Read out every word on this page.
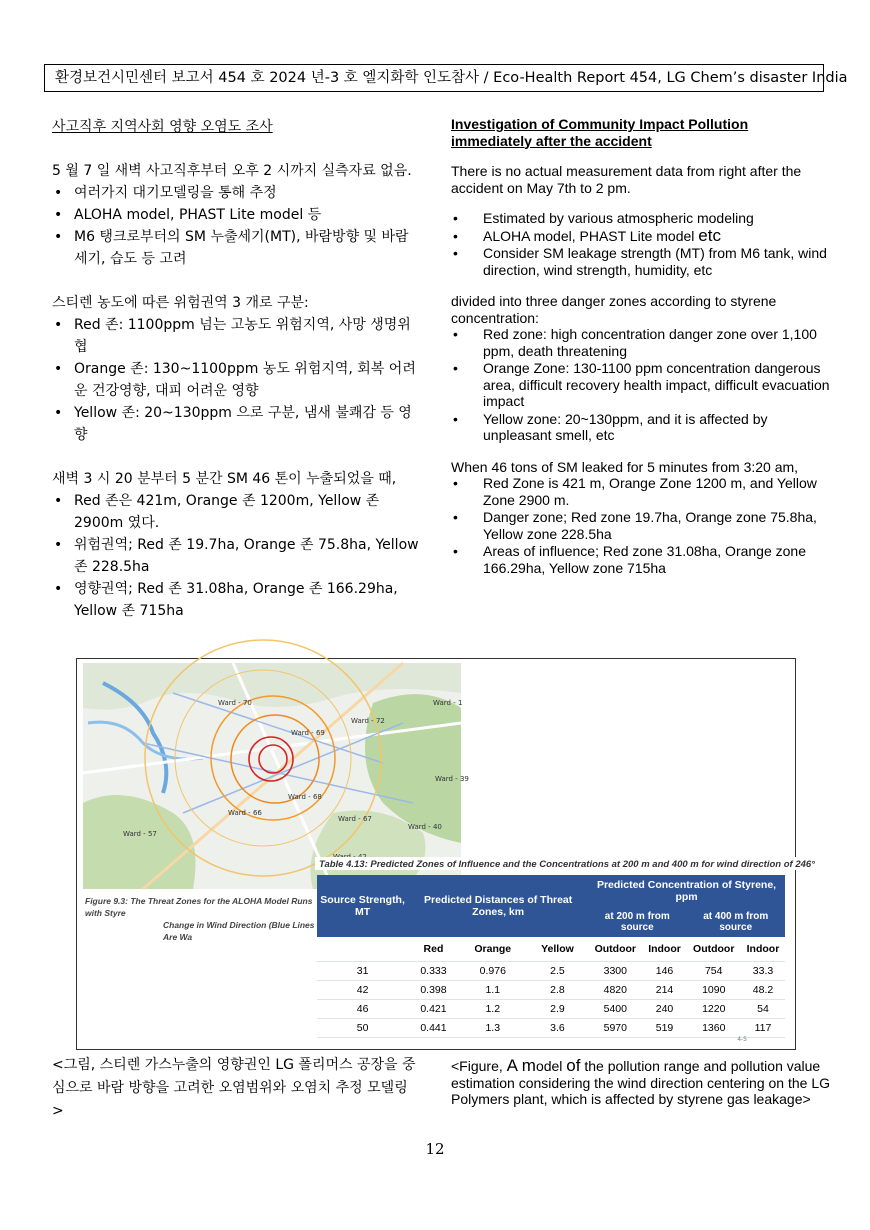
환경보건시민센터 보고서 454 호 2024 년-3 호 엘지화학 인도참사 / Eco-Health Report 454, LG Chem’s disaster India

사고직후 지역사회 영향 오염도 조사

5 월 7 일 새벽 사고직후부터 오후 2 시까지 실측자료 없음.

• 여러가지 대기모델링을 통해 추정
• ALOHA model, PHAST Lite model 등
• M6 탱크로부터의 SM 누출세기(MT), 바람방향 및 바람세기, 습도 등 고려

스티렌 농도에 따른 위험권역 3 개로 구분:

• Red 존: 1100ppm 넘는 고농도 위험지역, 사망 생명위협
• Orange 존: 130~1100ppm 농도 위험지역, 회복 어려운 건강영향, 대피 어려운 영향
• Yellow 존: 20~130ppm 으로 구분, 냄새 불쾌감 등 영향

새벽 3 시 20 분부터 5 분간 SM 46 톤이 누출되었을 때,

• Red 존은 421m, Orange 존 1200m, Yellow 존 2900m 였다.
• 위험권역; Red 존 19.7ha, Orange 존 75.8ha, Yellow 존 228.5ha
• 영향권역; Red 존 31.08ha, Orange 존 166.29ha, Yellow 존 715ha

Investigation of Community Impact Pollution immediately after the accident

There is no actual measurement data from right after the accident on May 7th to 2 pm.

• Estimated by various atmospheric modeling
• ALOHA model, PHAST Lite model etc
• Consider SM leakage strength (MT) from M6 tank, wind direction, wind strength, humidity, etc

divided into three danger zones according to styrene concentration:

• Red zone: high concentration danger zone over 1,100 ppm, death threatening
• Orange Zone: 130-1100 ppm concentration dangerous area, difficult recovery health impact, difficult evacuation impact
• Yellow zone: 20~130ppm, and it is affected by unpleasant smell, etc

When 46 tons of SM leaked for 5 minutes from 3:20 am,

• Red Zone is 421 m, Orange Zone 1200 m, and Yellow Zone 2900 m.
• Danger zone; Red zone 19.7ha, Orange zone 75.8ha, Yellow zone 228.5ha
• Areas of influence; Red zone 31.08ha, Orange zone 166.29ha, Yellow zone 715ha
Ward - 70
Ward - 72
Ward - 69
Ward - 39
Ward - 68
Ward - 66
Ward - 67
Ward - 40
Ward - 57
Ward - 1
Figure 9.3: The Threat Zones for the ALOHA Model Runs with Styre
Change in Wind Direction (Blue Lines Are Wa
Table 4.13: Predicted Zones of Influence and the Concentrations at 200 m and 400 m for wind direction of 246°
Source Strength, MT	Predicted Distances of Threat Zones, km			Predicted Concentration of Styrene, ppm			
				at 200 m from source		at 400 m from source	
	Red	Orange	Yellow	Outdoor	Indoor	Outdoor	Indoor
31	0.333	0.976	2.5	3300	146	754	33.3
42	0.398	1.1	2.8	4820	214	1090	48.2
46	0.421	1.2	2.9	5400	240	1220	54
50	0.441	1.3	3.6	5970	519	1360	117
4-5

<그림, 스티렌 가스누출의 영향권인 LG 폴리머스 공장을 중심으로 바람 방향을 고려한 오염범위와 오염치 추정 모델링 >

<Figure, A model of the pollution range and pollution value estimation considering the wind direction centering on the LG Polymers plant, which is affected by styrene gas leakage>

12
